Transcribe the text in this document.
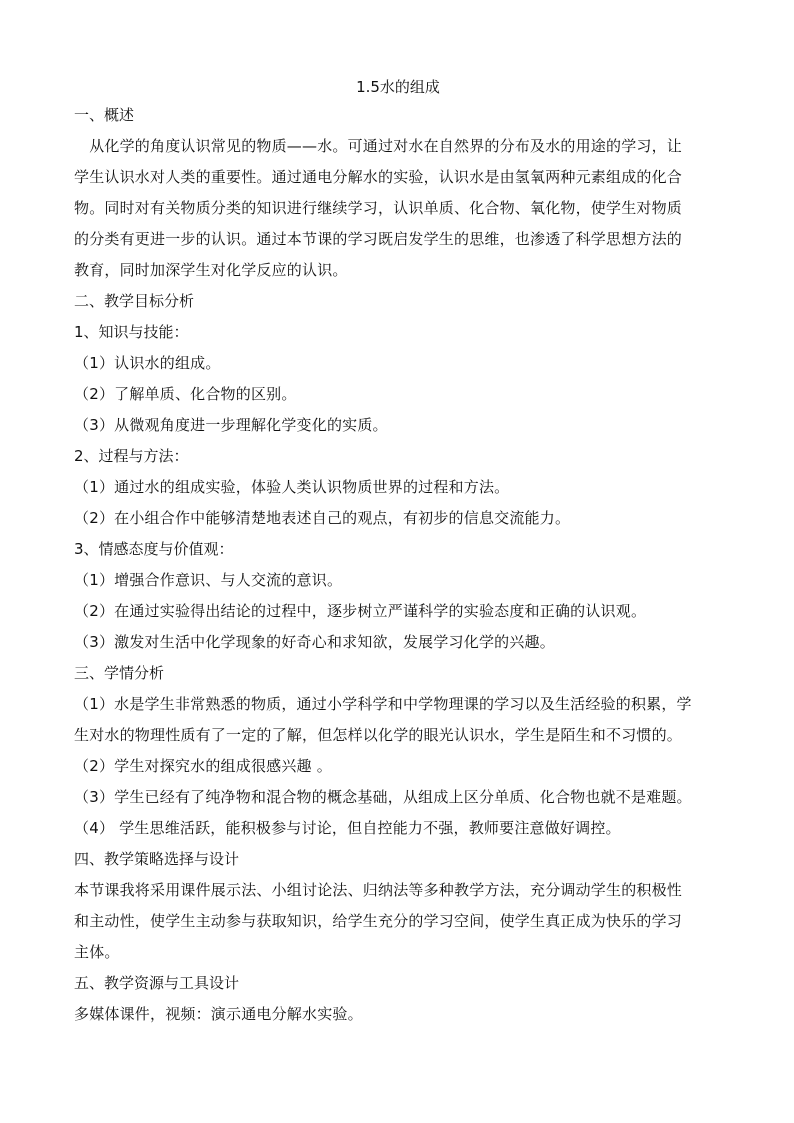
1.5水的组成

一、概述

　从化学的角度认识常见的物质——水。可通过对水在自然界的分布及水的用途的学习，让

学生认识水对人类的重要性。通过通电分解水的实验，认识水是由氢氧两种元素组成的化合

物。同时对有关物质分类的知识进行继续学习，认识单质、化合物、氧化物，使学生对物质

的分类有更进一步的认识。通过本节课的学习既启发学生的思维，也渗透了科学思想方法的

教育，同时加深学生对化学反应的认识。

二、教学目标分析

1、知识与技能：

（1）认识水的组成。

（2）了解单质、化合物的区别。

（3）从微观角度进一步理解化学变化的实质。

2、过程与方法：

（1）通过水的组成实验，体验人类认识物质世界的过程和方法。

（2）在小组合作中能够清楚地表述自己的观点，有初步的信息交流能力。

3、情感态度与价值观：

（1）增强合作意识、与人交流的意识。

（2）在通过实验得出结论的过程中，逐步树立严谨科学的实验态度和正确的认识观。

（3）激发对生活中化学现象的好奇心和求知欲，发展学习化学的兴趣。

三、学情分析

（1）水是学生非常熟悉的物质，通过小学科学和中学物理课的学习以及生活经验的积累，学

生对水的物理性质有了一定的了解，但怎样以化学的眼光认识水，学生是陌生和不习惯的。

（2）学生对探究水的组成很感兴趣 。

（3）学生已经有了纯净物和混合物的概念基础，从组成上区分单质、化合物也就不是难题。

（4） 学生思维活跃，能积极参与讨论，但自控能力不强，教师要注意做好调控。

四、教学策略选择与设计

本节课我将采用课件展示法、小组讨论法、归纳法等多种教学方法，充分调动学生的积极性

和主动性，使学生主动参与获取知识，给学生充分的学习空间，使学生真正成为快乐的学习

主体。

五、教学资源与工具设计

多媒体课件，视频：演示通电分解水实验。
